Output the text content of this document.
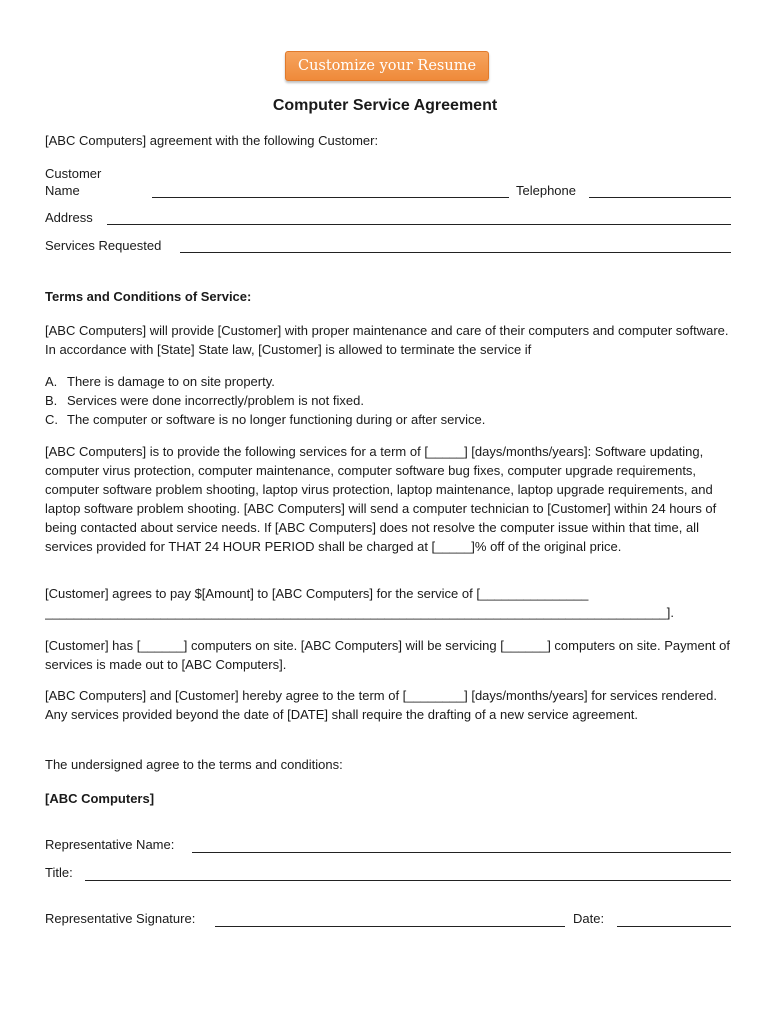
Customize your Resume
Computer Service Agreement
[ABC Computers] agreement with the following Customer:
Customer
Name	Telephone
Address
Services Requested
Terms and Conditions of Service:
[ABC Computers] will provide [Customer] with proper maintenance and care of their computers and computer software. In accordance with [State] State law, [Customer] is allowed to terminate the service if
A. There is damage to on site property.
B. Services were done incorrectly/problem is not fixed.
C. The computer or software is no longer functioning during or after service.
[ABC Computers] is to provide the following services for a term of [_____] [days/months/years]: Software updating, computer virus protection, computer maintenance, computer software bug fixes, computer upgrade requirements, computer software problem shooting, laptop virus protection, laptop maintenance, laptop upgrade requirements, and laptop software problem shooting. [ABC Computers] will send a computer technician to [Customer] within 24 hours of being contacted about service needs. If [ABC Computers] does not resolve the computer issue within that time, all services provided for THAT 24 HOUR PERIOD shall be charged at [_____]% off of the original price.
[Customer] agrees to pay $[Amount] to [ABC Computers] for the service of [_______________
______________________________________________________________________________________].
[Customer] has [______] computers on site. [ABC Computers] will be servicing [______] computers on site. Payment of services is made out to [ABC Computers].
[ABC Computers] and [Customer] hereby agree to the term of [________] [days/months/years] for services rendered. Any services provided beyond the date of [DATE] shall require the drafting of a new service agreement.
The undersigned agree to the terms and conditions:
[ABC Computers]
Representative Name:
Title:
Representative Signature:	Date:
